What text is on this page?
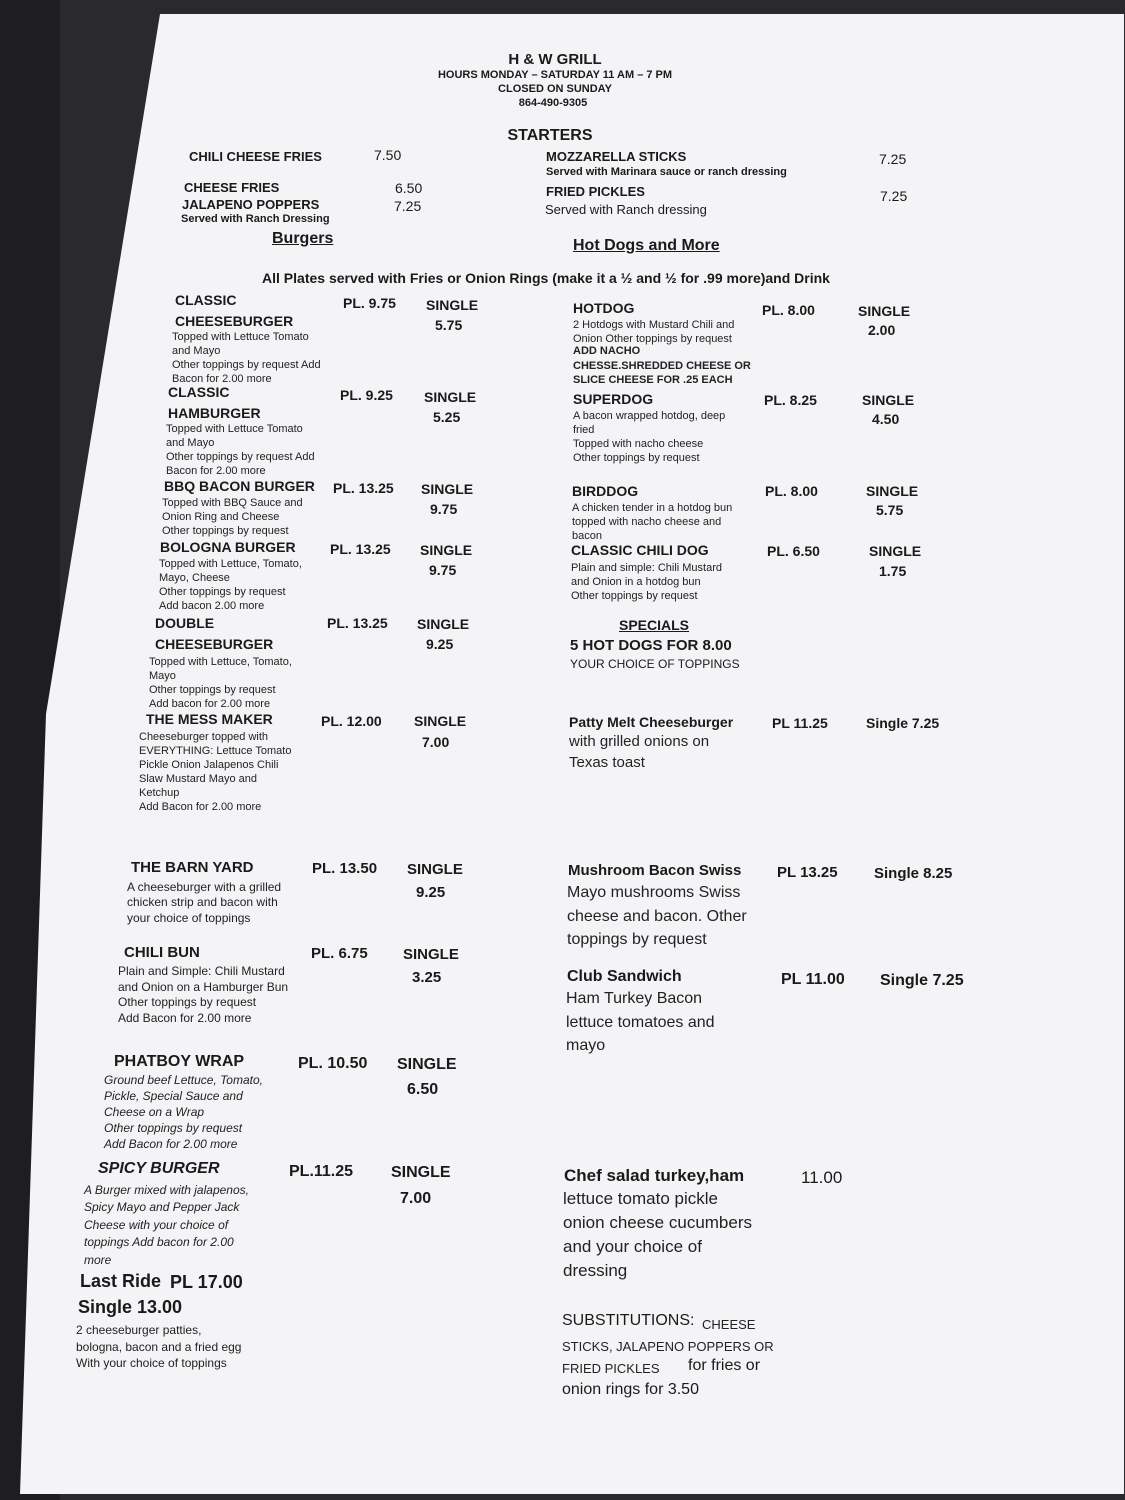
H & W GRILL
HOURS MONDAY – SATURDAY 11 AM – 7 PM
CLOSED ON SUNDAY
864-490-9305
STARTERS
CHILI CHEESE FRIES	7.50
CHEESE FRIES	6.50
JALAPENO POPPERS	7.25
Served with Ranch Dressing
MOZZARELLA STICKS	7.25
Served with Marinara sauce or ranch dressing
FRIED PICKLES	7.25
Served with Ranch dressing
Burgers	Hot Dogs and More
All Plates served with Fries or Onion Rings (make it a ½ and ½ for .99 more)and Drink
CLASSIC
CHEESEBURGER
PL. 9.75 SINGLE
5.75
Topped with Lettuce Tomato
and Mayo
Other toppings by request Add
Bacon for 2.00 more
CLASSIC
HAMBURGER
PL. 9.25 SINGLE
5.25
Topped with Lettuce Tomato
and Mayo
Other toppings by request Add
Bacon for 2.00 more
BBQ BACON BURGER PL. 13.25 SINGLE
9.75
Topped with BBQ Sauce and
Onion Ring and Cheese
Other toppings by request
BOLOGNA BURGER PL. 13.25 SINGLE
9.75
Topped with Lettuce, Tomato,
Mayo, Cheese
Other toppings by request
Add bacon 2.00 more
DOUBLE
CHEESEBURGER
PL. 13.25 SINGLE
9.25
Topped with Lettuce, Tomato,
Mayo
Other toppings by request
Add bacon for 2.00 more
THE MESS MAKER	PL. 12.00 SINGLE
7.00
Cheeseburger topped with
EVERYTHING: Lettuce Tomato
Pickle Onion Jalapenos Chili
Slaw Mustard Mayo and
Ketchup
Add Bacon for 2.00 more
THE BARN YARD	PL. 13.50 SINGLE
9.25
A cheeseburger with a grilled
chicken strip and bacon with
your choice of toppings
CHILI BUN	PL. 6.75 SINGLE
3.25
Plain and Simple: Chili Mustard
and Onion on a Hamburger Bun
Other toppings by request
Add Bacon for 2.00 more
PHATBOY WRAP	PL. 10.50 SINGLE
6.50
Ground beef Lettuce, Tomato,
Pickle, Special Sauce and
Cheese on a Wrap
Other toppings by request
Add Bacon for 2.00 more
SPICY BURGER	PL.11.25 SINGLE
7.00
A Burger mixed with jalapenos,
Spicy Mayo and Pepper Jack
Cheese with your choice of
toppings Add bacon for 2.00
more
Last Ride PL 17.00
Single 13.00
2 cheeseburger patties,
bologna, bacon and a fried egg
With your choice of toppings
HOTDOG	PL. 8.00	SINGLE
2.00
2 Hotdogs with Mustard Chili and
Onion Other toppings by request
ADD NACHO
CHESSE.SHREDDED CHEESE OR
SLICE CHEESE FOR .25 EACH
SUPERDOG	PL. 8.25	SINGLE
4.50
A bacon wrapped hotdog, deep
fried
Topped with nacho cheese
Other toppings by request
BIRDDOG	PL. 8.00	SINGLE
5.75
A chicken tender in a hotdog bun
topped with nacho cheese and
bacon
CLASSIC CHILI DOG	PL. 6.50	SINGLE
1.75
Plain and simple: Chili Mustard
and Onion in a hotdog bun
Other toppings by request
SPECIALS
5 HOT DOGS FOR 8.00
YOUR CHOICE OF TOPPINGS
Patty Melt Cheeseburger	PL 11.25	Single 7.25
with grilled onions on
Texas toast
Mushroom Bacon Swiss PL 13.25 Single 8.25
Mayo mushrooms Swiss
cheese and bacon. Other
toppings by request
Club Sandwich	PL 11.00 Single 7.25
Ham Turkey Bacon
lettuce tomatoes and
mayo
Chef salad turkey,ham	11.00
lettuce tomato pickle
onion cheese cucumbers
and your choice of
dressing
SUBSTITUTIONS: CHEESE
STICKS, JALAPENO POPPERS OR
FRIED PICKLES	for fries or
onion rings for 3.50
